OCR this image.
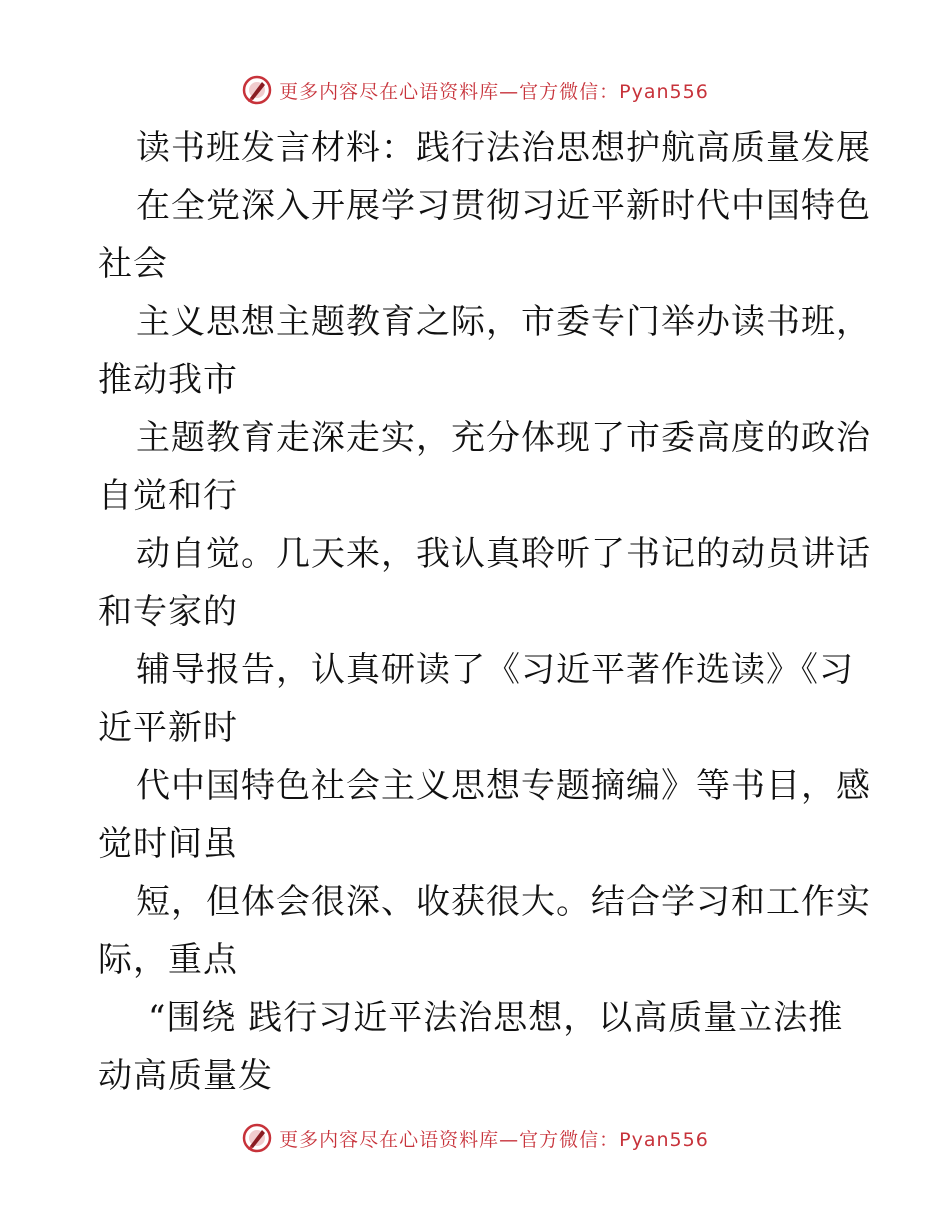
更多内容尽在心语资料库—官方微信：Pyan556
读书班发言材料：践行法治思想护航高质量发展
在全党深入开展学习贯彻习近平新时代中国特色
社会
主义思想主题教育之际，市委专门举办读书班，
推动我市
主题教育走深走实，充分体现了市委高度的政治
自觉和行
动自觉。几天来，我认真聆听了书记的动员讲话
和专家的
辅导报告，认真研读了《习近平著作选读》《习
近平新时
代中国特色社会主义思想专题摘编》等书目，感
觉时间虽
短，但体会很深、收获很大。结合学习和工作实
际，重点
“围绕 践行习近平法治思想，以高质量立法推
动高质量发
更多内容尽在心语资料库—官方微信：Pyan556
